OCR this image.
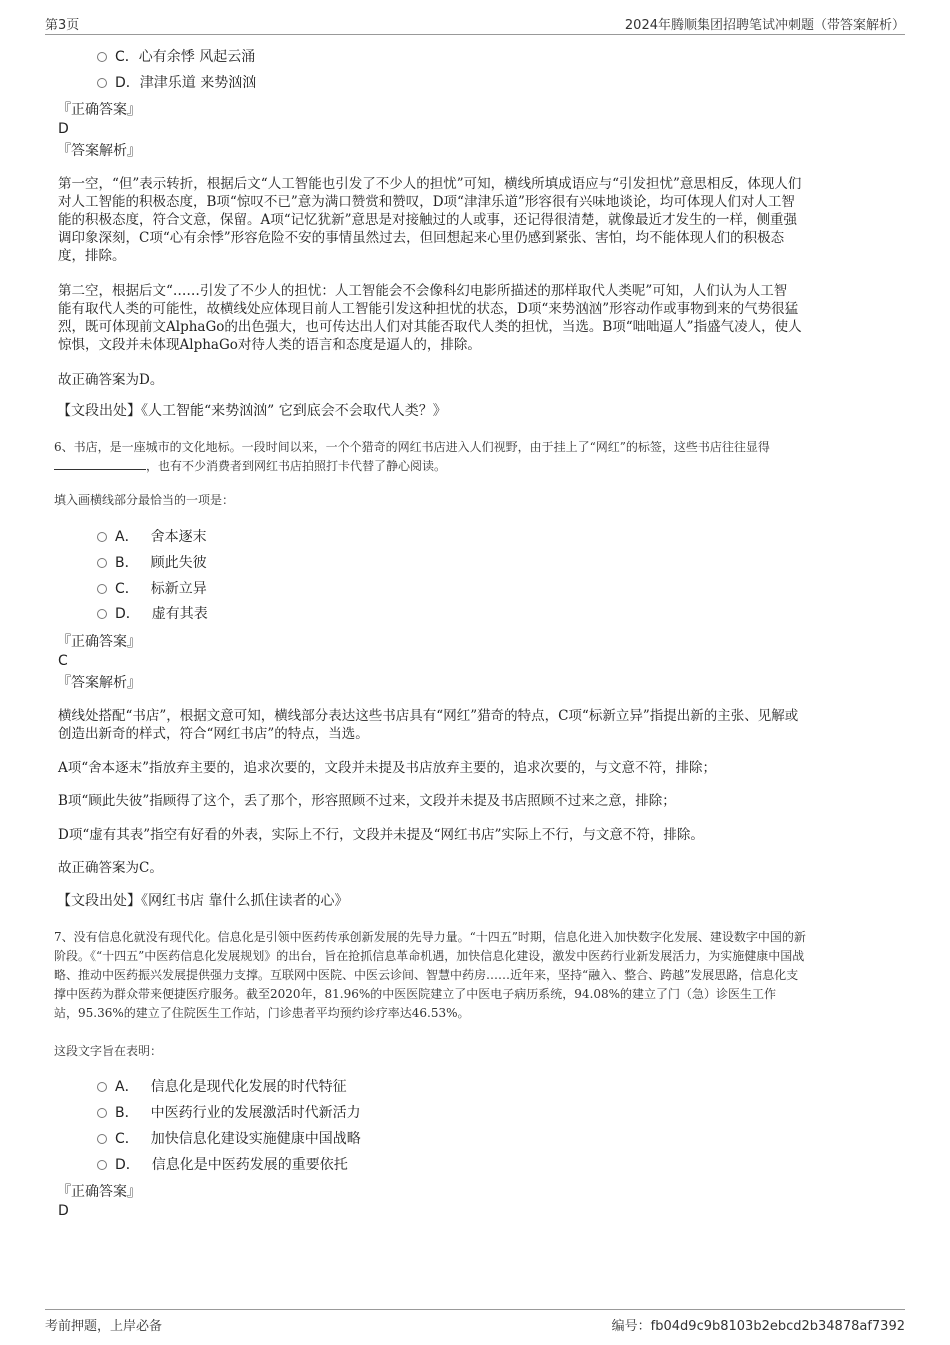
第3页	2024年腾顺集团招聘笔试冲刺题（带答案解析）
C．心有余悸 风起云涌
D．津津乐道 来势汹汹
『正确答案』
D
『答案解析』
第一空，“但”表示转折，根据后文“人工智能也引发了不少人的担忧”可知，横线所填成语应与“引发担忧”意思相反，体现人们
对人工智能的积极态度，B项“惊叹不已”意为满口赞赏和赞叹，D项“津津乐道”形容很有兴味地谈论，均可体现人们对人工智
能的积极态度，符合文意，保留。A项“记忆犹新”意思是对接触过的人或事，还记得很清楚，就像最近才发生的一样，侧重强
调印象深刻，C项“心有余悸”形容危险不安的事情虽然过去，但回想起来心里仍感到紧张、害怕，均不能体现人们的积极态
度，排除。
第二空，根据后文“……引发了不少人的担忧：人工智能会不会像科幻电影所描述的那样取代人类呢”可知，人们认为人工智
能有取代人类的可能性，故横线处应体现目前人工智能引发这种担忧的状态，D项“来势汹汹”形容动作或事物到来的气势很猛
烈，既可体现前文AlphaGo的出色强大，也可传达出人们对其能否取代人类的担忧，当选。B项“咄咄逼人”指盛气凌人，使人
惊惧，文段并未体现AlphaGo对待人类的语言和态度是逼人的，排除。
故正确答案为D。
【文段出处】《人工智能“来势汹汹” 它到底会不会取代人类？》
6、书店，是一座城市的文化地标。一段时间以来，一个个猎奇的网红书店进入人们视野，由于挂上了“网红”的标签，这些书店往往显得
，也有不少消费者到网红书店拍照打卡代替了静心阅读。
填入画横线部分最恰当的一项是：
A． 舍本逐末
B． 顾此失彼
C． 标新立异
D． 虚有其表
『正确答案』
C
『答案解析』
横线处搭配“书店”，根据文意可知，横线部分表达这些书店具有“网红”猎奇的特点，C项“标新立异”指提出新的主张、见解或
创造出新奇的样式，符合“网红书店”的特点，当选。
A项“舍本逐末”指放弃主要的，追求次要的，文段并未提及书店放弃主要的，追求次要的，与文意不符，排除；
B项“顾此失彼”指顾得了这个，丢了那个，形容照顾不过来，文段并未提及书店照顾不过来之意，排除；
D项“虚有其表”指空有好看的外表，实际上不行，文段并未提及“网红书店”实际上不行，与文意不符，排除。
故正确答案为C。
【文段出处】《网红书店 靠什么抓住读者的心》
7、没有信息化就没有现代化。信息化是引领中医药传承创新发展的先导力量。“十四五”时期，信息化进入加快数字化发展、建设数字中国的新
阶段。《“十四五”中医药信息化发展规划》的出台，旨在抢抓信息革命机遇，加快信息化建设，激发中医药行业新发展活力，为实施健康中国战
略、推动中医药振兴发展提供强力支撑。互联网中医院、中医云诊间、智慧中药房……近年来，坚持“融入、整合、跨越”发展思路，信息化支
撑中医药为群众带来便捷医疗服务。截至2020年，81.96%的中医医院建立了中医电子病历系统，94.08%的建立了门（急）诊医生工作
站，95.36%的建立了住院医生工作站，门诊患者平均预约诊疗率达46.53%。
这段文字旨在表明：
A． 信息化是现代化发展的时代特征
B． 中医药行业的发展激活时代新活力
C． 加快信息化建设实施健康中国战略
D． 信息化是中医药发展的重要依托
『正确答案』
D
考前押题，上岸必备	编号：fb04d9c9b8103b2ebcd2b34878af7392
